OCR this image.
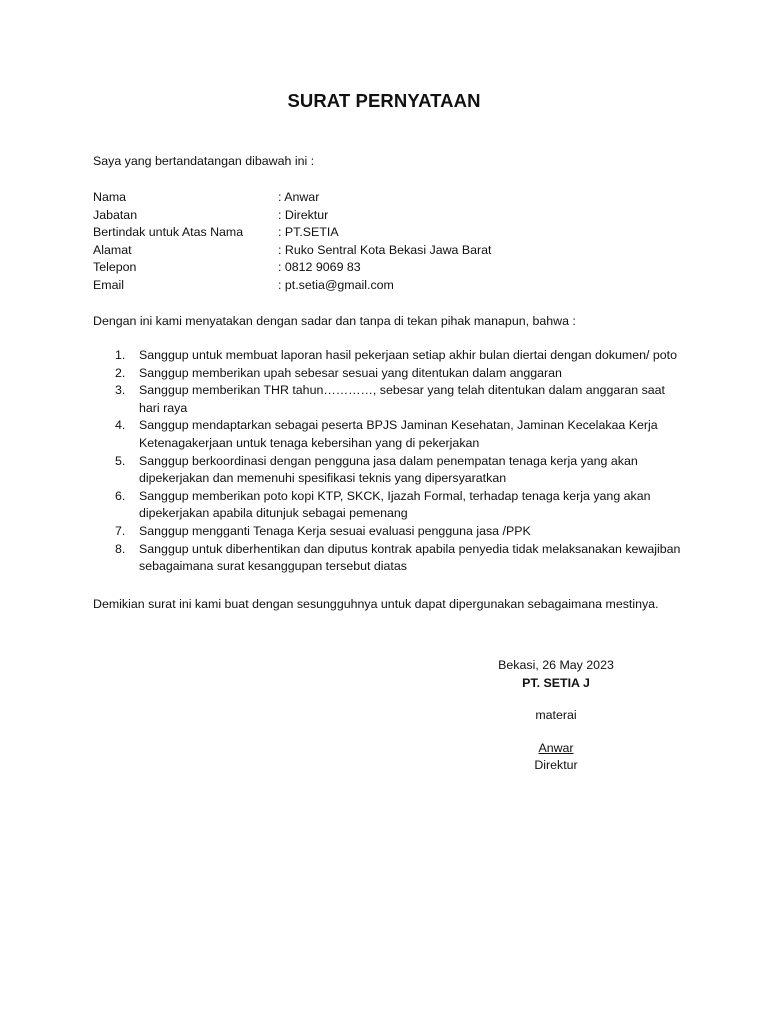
SURAT PERNYATAAN
Saya yang bertandatangan dibawah ini :
Nama	: Anwar
Jabatan	: Direktur
Bertindak untuk Atas Nama	: PT.SETIA
Alamat	: Ruko Sentral Kota Bekasi Jawa Barat
Telepon	: 0812 9069 83
Email	: pt.setia@gmail.com
Dengan ini kami menyatakan dengan sadar dan tanpa di tekan pihak manapun, bahwa :
1. Sanggup untuk membuat laporan hasil pekerjaan setiap akhir bulan diertai dengan dokumen/ poto
2. Sanggup memberikan upah sebesar sesuai yang ditentukan dalam anggaran
3. Sanggup memberikan THR tahun…………, sebesar yang telah ditentukan dalam anggaran saat hari raya
4. Sanggup mendaptarkan sebagai peserta BPJS Jaminan Kesehatan, Jaminan Kecelakaa Kerja Ketenagakerjaan untuk tenaga kebersihan yang di pekerjakan
5. Sanggup berkoordinasi dengan pengguna jasa dalam penempatan tenaga kerja yang akan dipekerjakan dan memenuhi spesifikasi teknis yang dipersyaratkan
6. Sanggup memberikan poto kopi KTP, SKCK, Ijazah Formal, terhadap tenaga kerja yang akan dipekerjakan apabila ditunjuk sebagai pemenang
7. Sanggup mengganti Tenaga Kerja sesuai evaluasi pengguna jasa /PPK
8. Sanggup untuk diberhentikan dan diputus kontrak apabila penyedia tidak melaksanakan kewajiban sebagaimana surat kesanggupan tersebut diatas
Demikian surat ini kami buat dengan sesungguhnya untuk dapat dipergunakan sebagaimana mestinya.
Bekasi, 26 May 2023
PT. SETIA J
materai
Anwar
Direktur
